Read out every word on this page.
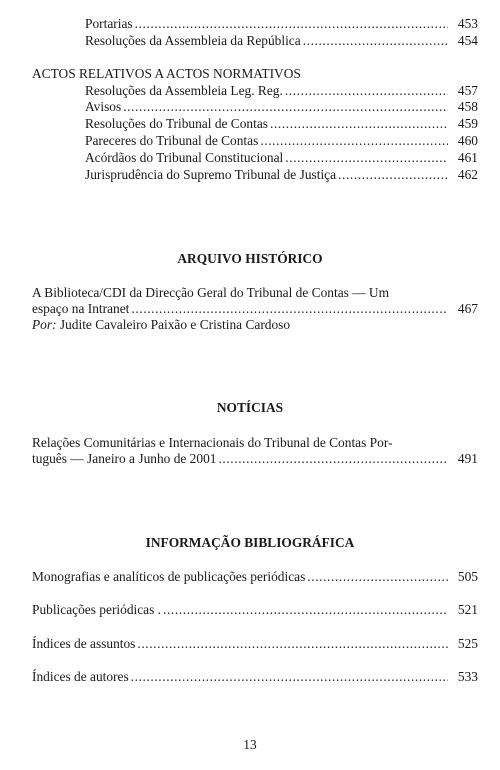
Portarias .....	453
Resoluções da Assembleia da República .....	454
ACTOS RELATIVOS A ACTOS NORMATIVOS
Resoluções da Assembleia Leg. Reg. .....	457
Avisos .....	458
Resoluções do Tribunal de Contas .....	459
Pareceres do Tribunal de Contas .....	460
Acórdãos do Tribunal Constitucional .....	461
Jurisprudência do Supremo Tribunal de Justiça .....	462
ARQUIVO HISTÓRICO
A Biblioteca/CDI da Direcção Geral do Tribunal de Contas — Um
espaço na Intranet .....	467
Por: Judite Cavaleiro Paixão e Cristina Cardoso
NOTÍCIAS
Relações Comunitárias e Internacionais do Tribunal de Contas Por-
tuguês — Janeiro a Junho de 2001 .....	491
INFORMAÇÃO BIBLIOGRÁFICA
Monografias e analíticos de publicações periódicas .....	505
Publicações periódicas . .....	521
Índices de assuntos .....	525
Índices de autores .....	533
13
